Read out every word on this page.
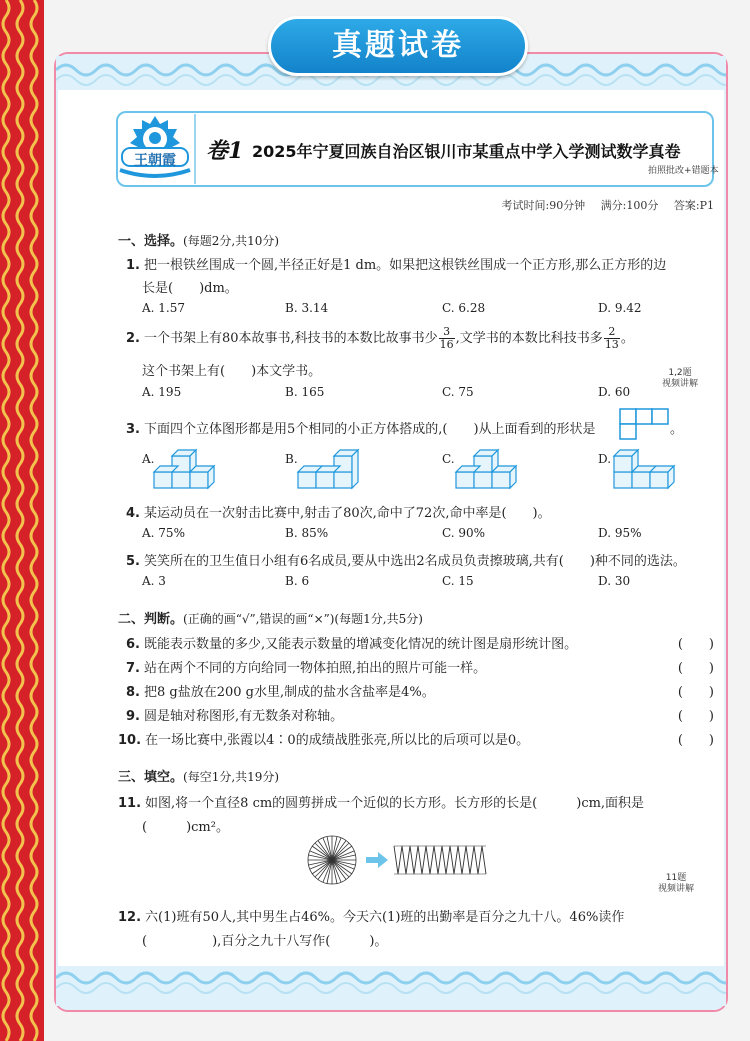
真题试卷
王朝霞	卷1 2025年宁夏回族自治区银川市某重点中学入学测试数学真卷
拍照批改+错题本
考试时间:90分钟 满分:100分 答案:P1
一、选择。(每题2分,共10分)
1. 把一根铁丝围成一个圆,半径正好是1 dm。如果把这根铁丝围成一个正方形,那么正方形的边
长是(　　)dm。
A. 1.57	B. 3.14	C. 6.28	D. 9.42
2. 一个书架上有80本故事书,科技书的本数比故事书少 $\frac{3}{16}$ ,文学书的本数比科技书多 $\frac{2}{13}$ 。
这个书架上有(　　)本文学书。
A. 195	B. 165	C. 75	D. 60
1,2题
视频讲解
3. 下面四个立体图形都是用5个相同的小正方体搭成的,(　　)从上面看到的形状是	。
A.	B.	C.	D.
4. 某运动员在一次射击比赛中,射击了80次,命中了72次,命中率是(　　)。
A. 75%	B. 85%	C. 90%	D. 95%
5. 笑笑所在的卫生值日小组有6名成员,要从中选出2名成员负责擦玻璃,共有(　　)种不同的选法。
A. 3	B. 6	C. 15	D. 30
二、判断。(正确的画“√”,错误的画“×”)(每题1分,共5分)
6. 既能表示数量的多少,又能表示数量的增减变化情况的统计图是扇形统计图。	(　　)
7. 站在两个不同的方向给同一物体拍照,拍出的照片可能一样。	(　　)
8. 把8 g盐放在200 g水里,制成的盐水含盐率是4%。	(　　)
9. 圆是轴对称图形,有无数条对称轴。	(　　)
10. 在一场比赛中,张霞以4∶0的成绩战胜张亮,所以比的后项可以是0。	(　　)
三、填空。(每空1分,共19分)
11. 如图,将一个直径8 cm的圆剪拼成一个近似的长方形。长方形的长是(　　　)cm,面积是
(　　　)cm²。
11题
视频讲解
12. 六(1)班有50人,其中男生占46%。今天六(1)班的出勤率是百分之九十八。46%读作
(　　　　　),百分之九十八写作(　　　)。
